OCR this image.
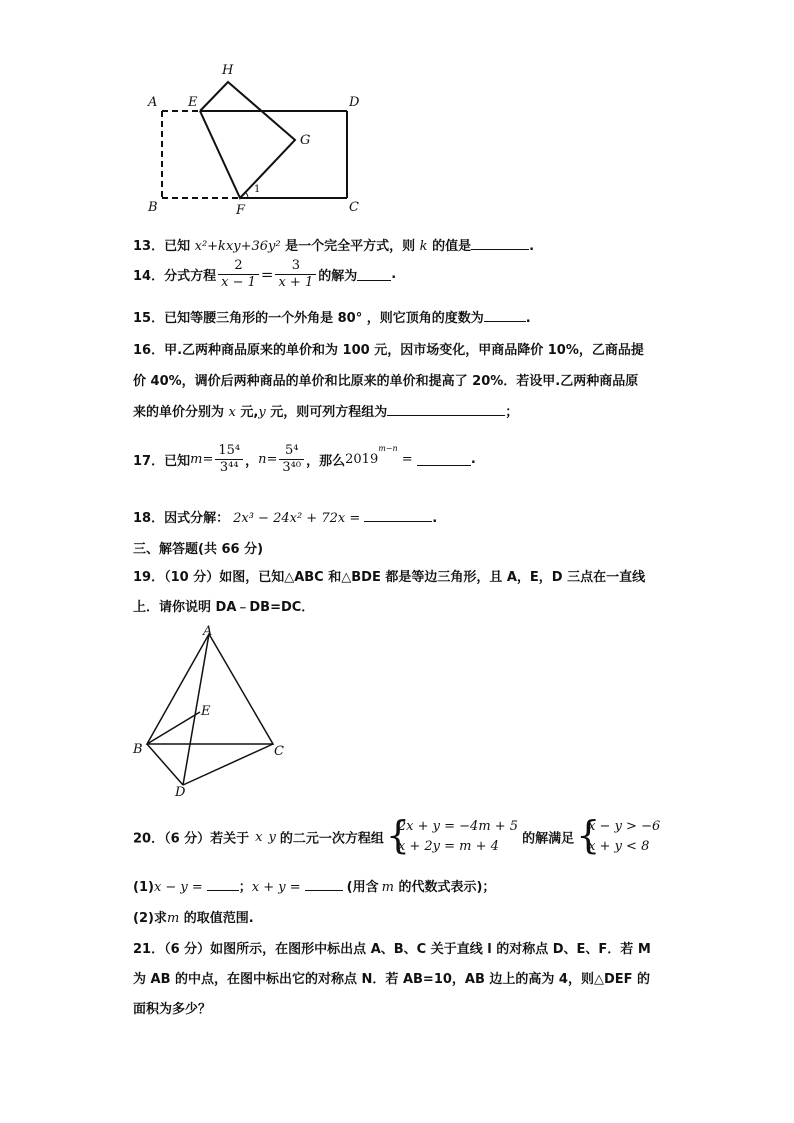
A E
H
D
G
B	F	C
1
13．已知 x²+kxy+36y² 是一个完全平方式，则 k 的值是	.
14．分式方程 $\frac{2}{x - 1} = \frac{3}{x + 1}$ 的解为	.
15．已知等腰三角形的一个外角是 80° ，则它顶角的度数为	.
16．甲.乙两种商品原来的单价和为 100 元，因市场变化，甲商品降价 10%，乙商品提
价 40%，调价后两种商品的单价和比原来的单价和提高了 20%．若设甲.乙两种商品原
来的单价分别为 x 元,y 元，则可列方程组为	；
17．已知$m= \frac{\text{15⁴}}{\text{3⁴⁴}}$ ，$n= \frac{\text{5⁴}}{\text{3⁴⁰}}$ ，那么$2019^{m-n}$ =	.
18．因式分解： 2x³ − 24x² + 72x =	.
三、解答题(共 66 分)
19．（10 分）如图，已知△ABC 和△BDE 都是等边三角形，且 A，E，D 三点在一直线
上．请你说明 DA﹣DB=DC．
A
E
B	C
D
20．（6 分）若关于 x y 的二元一次方程组 {
2x + y = −4m + 5
x + 2y = m + 4	的解满足 {
x − y > −6
x + y < 8
(1)x − y =	；x + y =	(用含 m 的代数式表示)；
(2)求m 的取值范围.
21．（6 分）如图所示，在图形中标出点 A、B、C 关于直线 l 的对称点 D、E、F．若 M
为 AB 的中点，在图中标出它的对称点 N．若 AB=10，AB 边上的高为 4，则△DEF 的
面积为多少？
